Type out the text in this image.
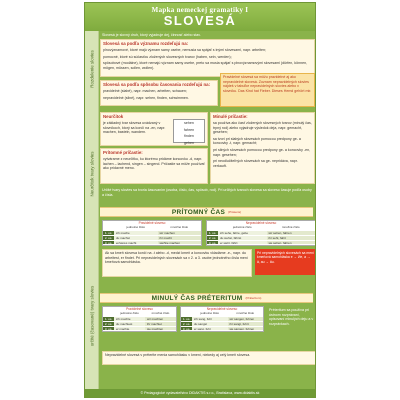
Mapka nemeckej gramatiky I
SLOVESÁ
Rozdelenie slovies
Neurčitok tvary slovies
určité (časované) tvary slovies
Slovesá je slovný druh, ktorý vyjadruje dej, činnosť alebo stav.
Slovesá sa podľa významu rozdeľujú na:
plnovýznamové, ktoré majú význam samy osebe, nemusia sa spájať s inými slovesami, napr. arbeiten;
pomocné, ktoré sú súčasťou zložených slovesných tvarov (haben, sein, werden);
spôsobové (modálne), ktoré nemajú význam samy osebe, preto sa musia spájať s plnovýznamovými slovesami (dürfen, können, mögen, müssen, sollen, wollen).
Slovesá sa podľa spôsobu časovania rozdeľujú na:
pravidelné (slabé), napr. machen, arbeiten, schauen;
nepravidelné (silné), napr. sehen, finden, schwimmen.
Pravidelné slovesá sa môžu pravidelné aj ako nepravidelné slovesá. Zoznam nepravidelných slovies nájdeš v tabuľke nepravidelných slovies alebo v slovníku. Das Kind hat Fieber. Dieses Hemd gehört mir.
Neurčitok
je základný tvar slovesa uvádzaný v slovníkoch, ktorý sa končí na -en, napr. machen, basteln, wandern.
sehen
fahren
finden
gehen
Prítomné príčastie:
vytvárame z neurčitku, ku ktorému pridáme koncovku -d, napr. lachen – lachend, singen – singend. Príčastie sa môže používať ako prídavné meno.
Minulé príčastie:
sa používa ako časť zložených slovesných tvarov (minulý čas, trpný rod) alebo vyjadruje výsledok deja, napr. gemacht, gesehen;
sa tvorí pri slabých slovesách pomocou predpony ge- a koncovky -t, napr. gemacht;
pri silných slovesách pomocou predpony ge- a koncovky -en, napr. gesehen;
pri neodlučiteľných slovesách sa ge- nepridáva, napr. verkauft.
Určité tvary slovies sa tvoria časovaním (osoba, číslo, čas, spôsob, rod). Pri určitých tvaroch slovesa sa sloveso časuje podľa osoby a čísla.
PRÍTOMNÝ ČAS (Präsens)
Pravidelné sloveso
jednotné číslo	množné číslo
1. os.	ich mache	wir machen
2. os.	du machst	ihr macht
3. os.	er/sie/es macht	sie/Sie machen
Nepravidelné sloveso
jednotné číslo	množné číslo
1. os.	ich sehe, fahre, gebe	wir sehen, fahren
2. os.	du siehst, fährst	ihr seht, fahrt
3. os.	er sieht, fährt	sie sehen, fahren
Ak sa kmeň slovesa končí na -t alebo -d, medzi kmeň a koncovku vkladáme -e-, napr. du arbeitest, er findet. Pri nepravidelných slovesách sa v 2. a 3. osobe jednotného čísla mení kmeňová samohláska.
Pri nepravidelných slovesách sa mení kmeňová samohláska e → i/ie, a → ä, au → äu.
MINULÝ ČAS PRÉTERITUM (Präteritum)
Pravidelné sloveso
jednotné číslo	množné číslo
1. os.	ich machte	wir machten
2. os.	du machtest	ihr machtet
3. os.	er machte	sie machten
Nepravidelné sloveso
jednotné číslo	množné číslo
1. os.	ich sang, fuhr	wir sangen, fuhren
2. os.	du sangst	ihr sangt, fuhrt
3. os.	er sang, fuhr	sie sangen, fuhren
Préteritum sa používa pri ústnom rozprávaní, opisovaní minulých deju a v rozprávkach.
Nepravidelné slovesá v préterite menia samohlásku v kmeni, niekedy aj celý kmeň slovesa.
© Pedagogické vydavateľstvo DIDAKTIS s.r.o., Bratislava, www.didaktis.sk
